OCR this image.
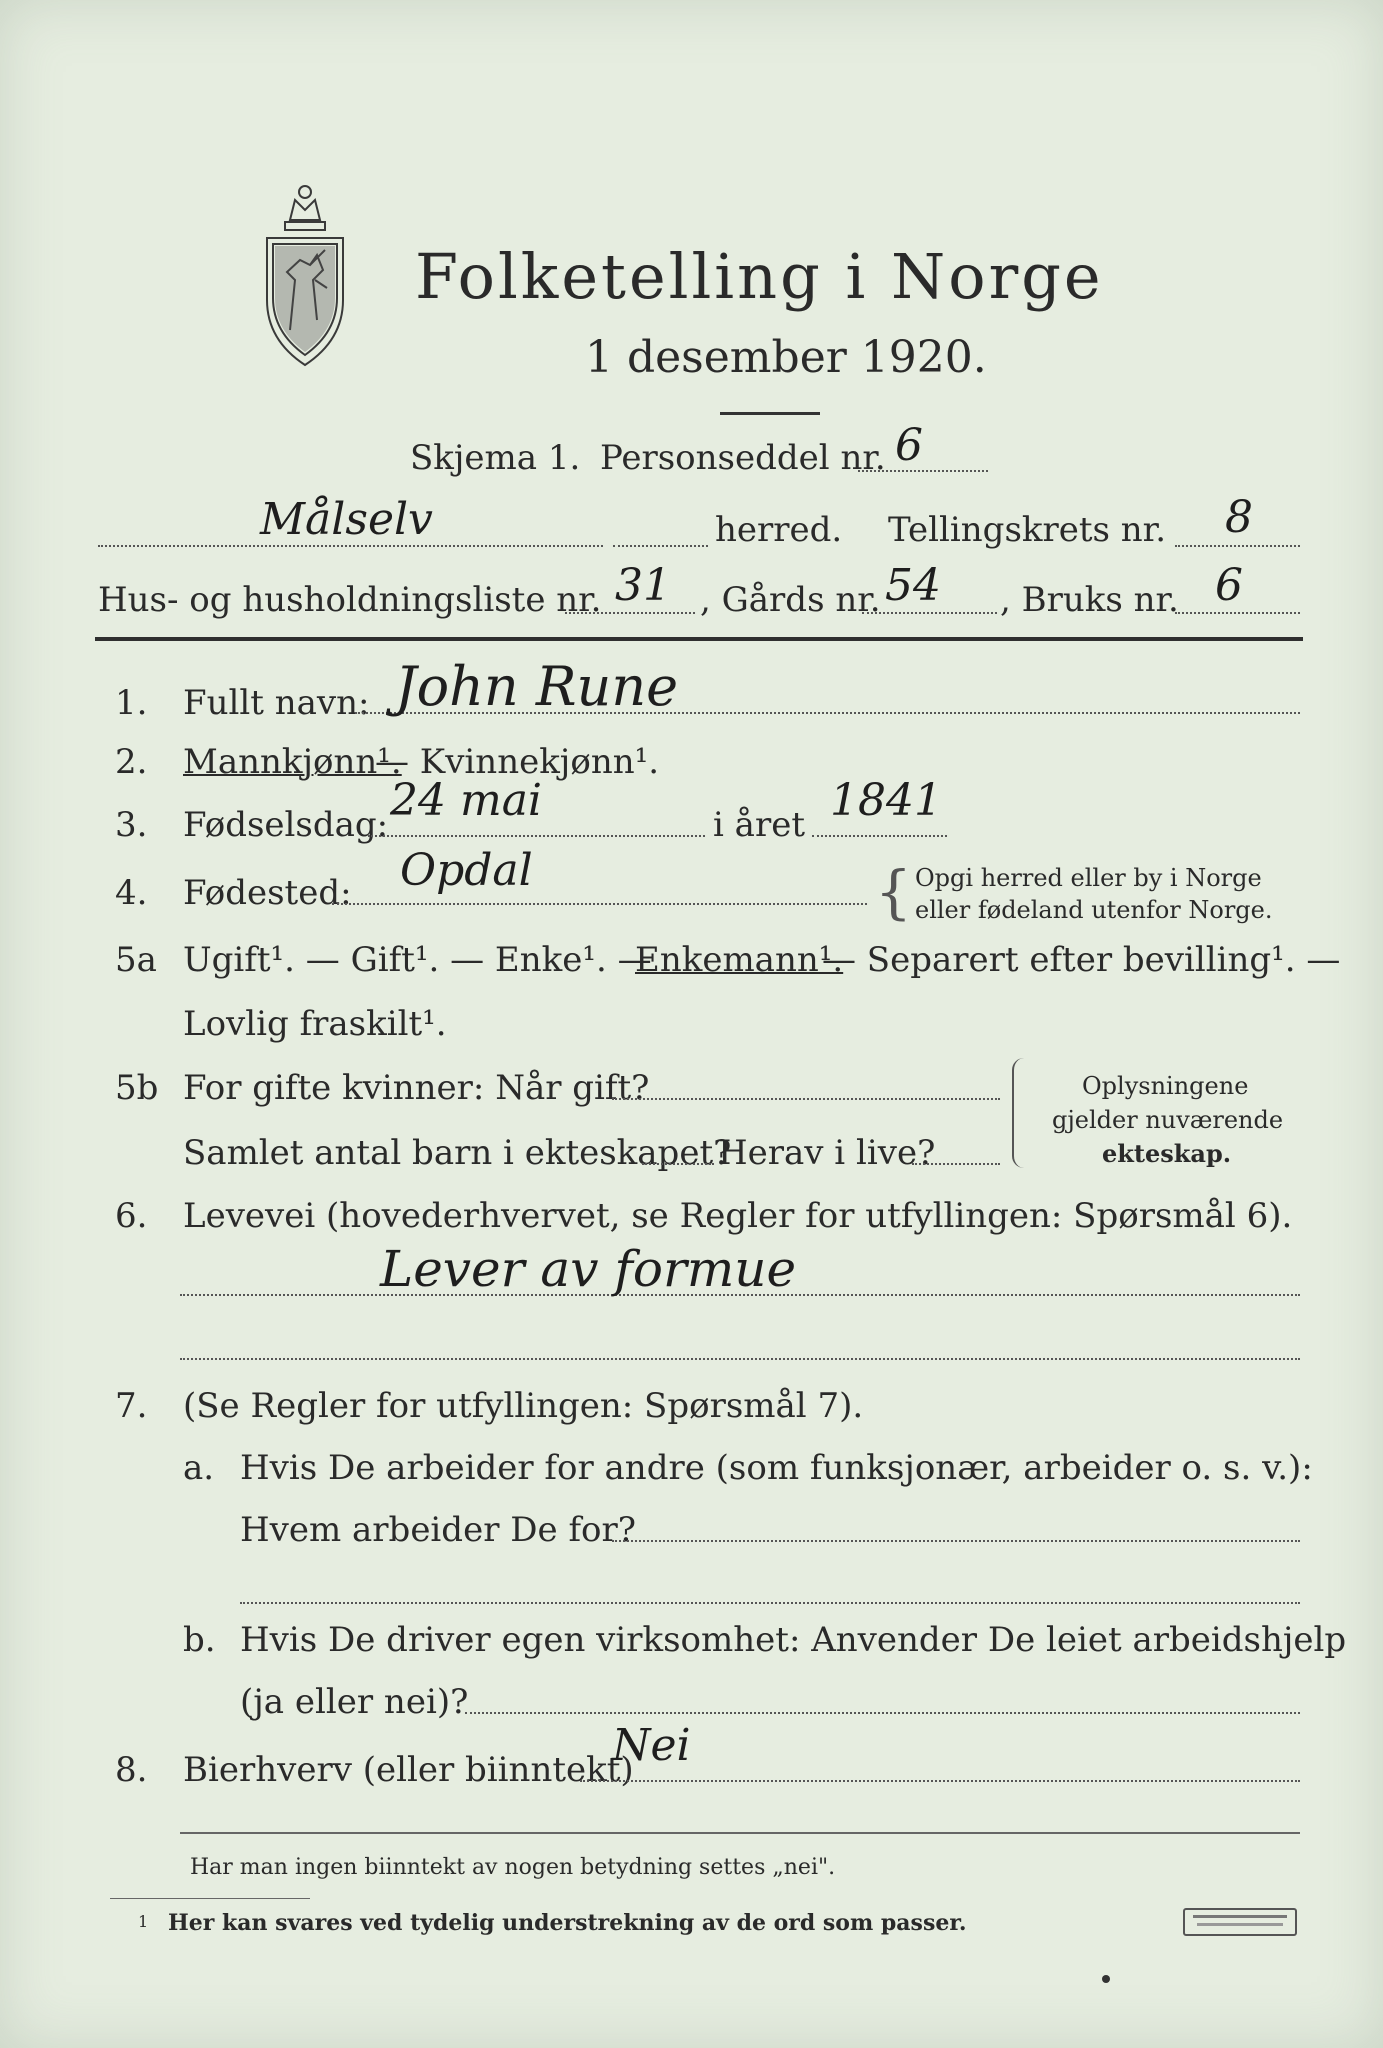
Folketelling i Norge
1 desember 1920.
Skjema 1. Personseddel nr. 6
Målselv	herred. Tellingskrets nr. 8
Hus- og husholdningsliste nr. 31 , Gårds nr. 54 , Bruks nr. 6
1. Fullt navn: John Rune
2. Mannkjønn¹.
— Kvinnekjønn¹.
3. Fødselsdag: 24 mai	i året 1841
4. Fødested: Opdal	{ Opgi herred eller by i Norge
eller fødeland utenfor Norge.
5a Ugift¹. — Gift¹. — Enke¹. —
Enkemann¹.
— Separert efter bevilling¹. —
Lovlig fraskilt¹.
5b For gifte kvinner: Når gift?
Samlet antal barn i ekteskapet?
Herav i live?
Oplysningene
gjelder nuværende
ekteskap.
6. Levevei (hovederhvervet, se Regler for utfyllingen: Spørsmål 6).
Lever av formue
7. (Se Regler for utfyllingen: Spørsmål 7).
a. Hvis De arbeider for andre (som funksjonær, arbeider o. s. v.):
Hvem arbeider De for?
b. Hvis De driver egen virksomhet: Anvender De leiet arbeidshjelp
(ja eller nei)?
8. Bierhverv (eller biinntekt)
Nei
Har man ingen biinntekt av nogen betydning settes „nei".
1 Her kan svares ved tydelig understrekning av de ord som passer.
